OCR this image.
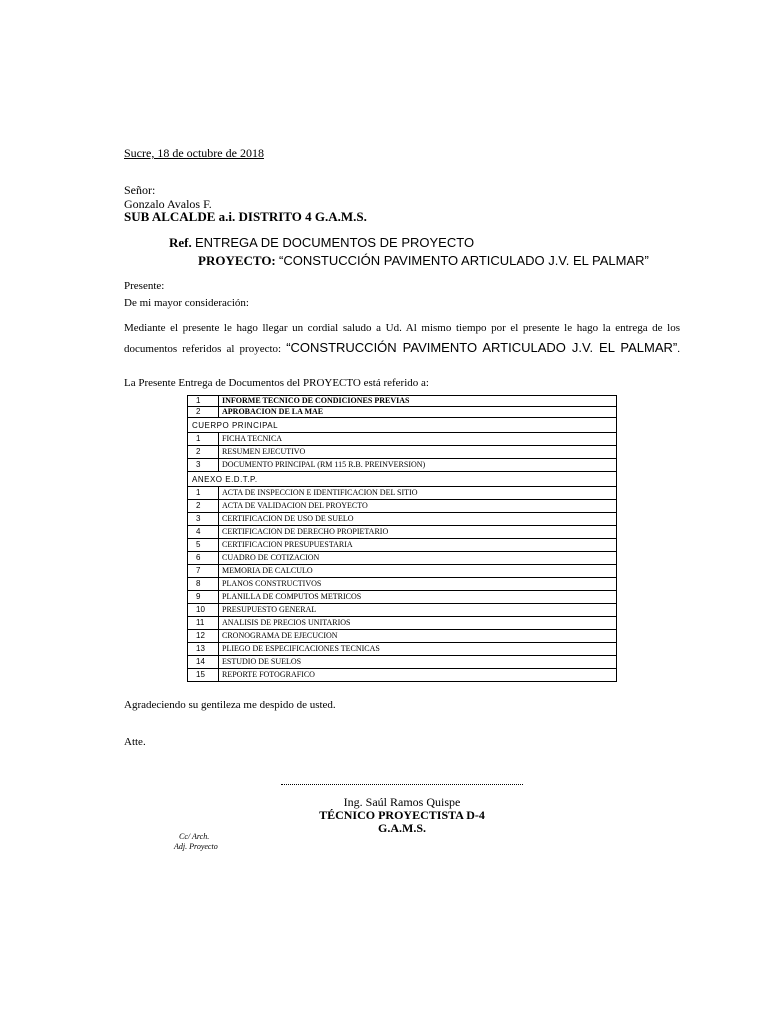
Sucre, 18 de octubre de 2018
Señor:
Gonzalo Avalos F.
SUB ALCALDE a.i. DISTRITO 4 G.A.M.S.
Ref. ENTREGA DE DOCUMENTOS DE PROYECTO
PROYECTO: “CONSTUCCIÓN PAVIMENTO ARTICULADO J.V. EL PALMAR”
Presente:
De mi mayor consideración:
Mediante el presente le hago llegar un cordial saludo a Ud. Al mismo tiempo por el presente le hago la entrega de los documentos referidos al proyecto: “CONSTRUCCIÓN PAVIMENTO ARTICULADO J.V. EL PALMAR”.
La Presente Entrega de Documentos del PROYECTO está referido a:
1	INFORME TECNICO DE CONDICIONES PREVIAS
2	APROBACION DE LA MAE
CUERPO PRINCIPAL	
1	FICHA TECNICA
2	RESUMEN EJECUTIVO
3	DOCUMENTO PRINCIPAL (RM 115 R.B. PREINVERSION)
ANEXO E.D.T.P.	
1	ACTA DE INSPECCION E IDENTIFICACION DEL SITIO
2	ACTA DE VALIDACION DEL PROYECTO
3	CERTIFICACION DE USO DE SUELO
4	CERTIFICACION DE DERECHO PROPIETARIO
5	CERTIFICACION PRESUPUESTARIA
6	CUADRO DE COTIZACION
7	MEMORIA DE CALCULO
8	PLANOS CONSTRUCTIVOS
9	PLANILLA DE COMPUTOS METRICOS
10	PRESUPUESTO GENERAL
11	ANALISIS DE PRECIOS UNITARIOS
12	CRONOGRAMA DE EJECUCION
13	PLIEGO DE ESPECIFICACIONES TECNICAS
14	ESTUDIO DE SUELOS
15	REPORTE FOTOGRAFICO
Agradeciendo su gentileza me despido de usted.
Atte.
Ing. Saúl Ramos Quispe
TÉCNICO PROYECTISTA D-4
G.A.M.S.
Cc/ Arch.
Adj. Proyecto
